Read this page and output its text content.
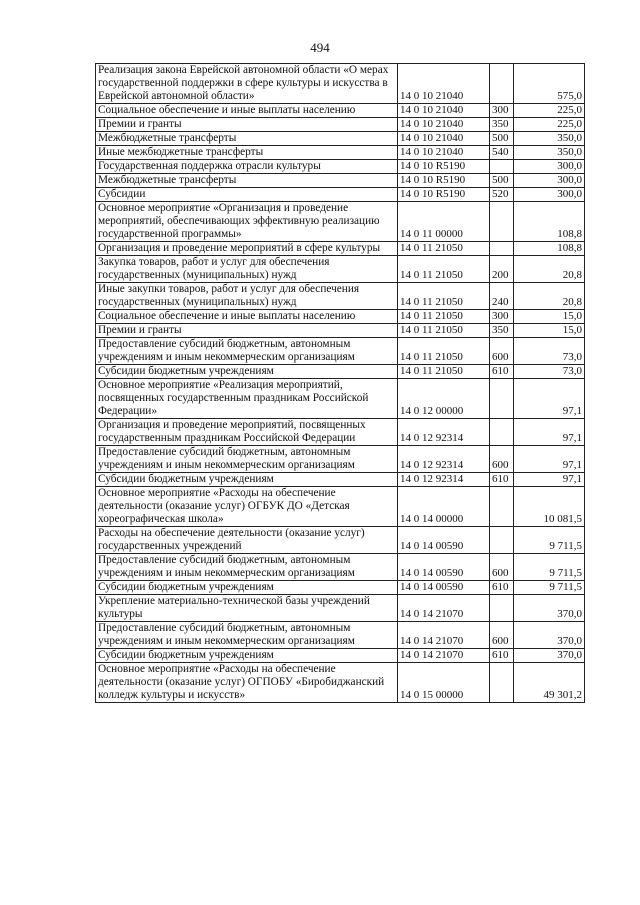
494
Реализация закона Еврейской автономной области «О мерах государственной поддержки в сфере культуры и искусства в Еврейской автономной области»	14 0 10 21040		575,0
Социальное обеспечение и иные выплаты населению	14 0 10 21040	300	225,0
Премии и гранты	14 0 10 21040	350	225,0
Межбюджетные трансферты	14 0 10 21040	500	350,0
Иные межбюджетные трансферты	14 0 10 21040	540	350,0
Государственная поддержка отрасли культуры	14 0 10 R5190		300,0
Межбюджетные трансферты	14 0 10 R5190	500	300,0
Субсидии	14 0 10 R5190	520	300,0
Основное мероприятие «Организация и проведение мероприятий, обеспечивающих эффективную реализацию государственной программы»	14 0 11 00000		108,8
Организация и проведение мероприятий в сфере культуры	14 0 11 21050		108,8
Закупка товаров, работ и услуг для обеспечения государственных (муниципальных) нужд	14 0 11 21050	200	20,8
Иные закупки товаров, работ и услуг для обеспечения государственных (муниципальных) нужд	14 0 11 21050	240	20,8
Социальное обеспечение и иные выплаты населению	14 0 11 21050	300	15,0
Премии и гранты	14 0 11 21050	350	15,0
Предоставление субсидий бюджетным, автономным учреждениям и иным некоммерческим организациям	14 0 11 21050	600	73,0
Субсидии бюджетным учреждениям	14 0 11 21050	610	73,0
Основное мероприятие «Реализация мероприятий, посвященных государственным праздникам Российской Федерации»	14 0 12 00000		97,1
Организация и проведение мероприятий, посвященных государственным праздникам Российской Федерации	14 0 12 92314		97,1
Предоставление субсидий бюджетным, автономным учреждениям и иным некоммерческим организациям	14 0 12 92314	600	97,1
Субсидии бюджетным учреждениям	14 0 12 92314	610	97,1
Основное мероприятие «Расходы на обеспечение деятельности (оказание услуг) ОГБУК ДО «Детская хореографическая школа»	14 0 14 00000		10 081,5
Расходы на обеспечение деятельности (оказание услуг) государственных учреждений	14 0 14 00590		9 711,5
Предоставление субсидий бюджетным, автономным учреждениям и иным некоммерческим организациям	14 0 14 00590	600	9 711,5
Субсидии бюджетным учреждениям	14 0 14 00590	610	9 711,5
Укрепление материально-технической базы учреждений культуры	14 0 14 21070		370,0
Предоставление субсидий бюджетным, автономным учреждениям и иным некоммерческим организациям	14 0 14 21070	600	370,0
Субсидии бюджетным учреждениям	14 0 14 21070	610	370,0
Основное мероприятие «Расходы на обеспечение деятельности (оказание услуг) ОГПОБУ «Биробиджанский колледж культуры и искусств»	14 0 15 00000		49 301,2
